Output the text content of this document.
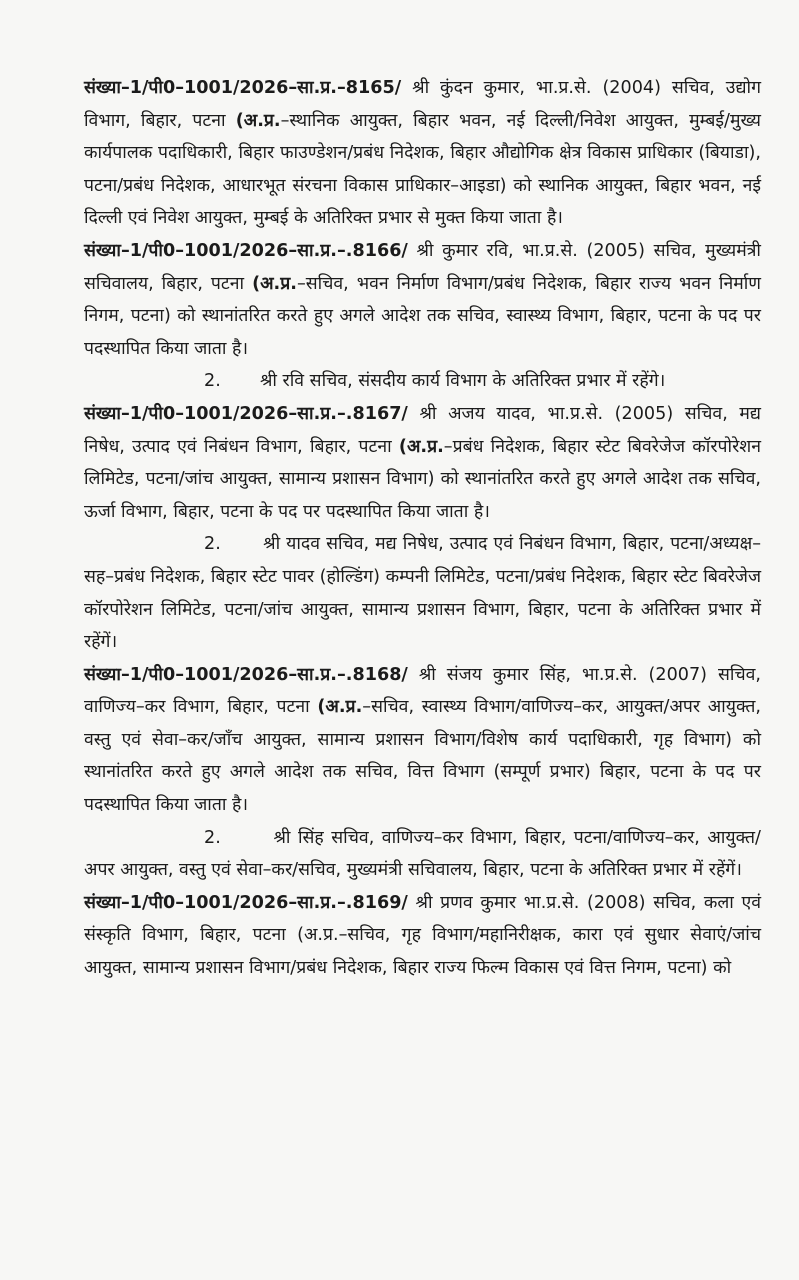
संख्या–1/पी0–1001/2026–सा.प्र.–8165/ श्री कुंदन कुमार, भा.प्र.से. (2004) सचिव, उद्योग विभाग, बिहार, पटना (अ.प्र.–स्थानिक आयुक्त, बिहार भवन, नई दिल्ली/निवेश आयुक्त, मुम्बई/मुख्य कार्यपालक पदाधिकारी, बिहार फाउण्डेशन/प्रबंध निदेशक, बिहार औद्योगिक क्षेत्र विकास प्राधिकार (बियाडा), पटना/प्रबंध निदेशक, आधारभूत संरचना विकास प्राधिकार–आइडा) को स्थानिक आयुक्त, बिहार भवन, नई दिल्ली एवं निवेश आयुक्त, मुम्बई के अतिरिक्त प्रभार से मुक्त किया जाता है।

संख्या–1/पी0–1001/2026–सा.प्र.–.8166/ श्री कुमार रवि, भा.प्र.से. (2005) सचिव, मुख्यमंत्री सचिवालय, बिहार, पटना (अ.प्र.–सचिव, भवन निर्माण विभाग/प्रबंध निदेशक, बिहार राज्य भवन निर्माण निगम, पटना) को स्थानांतरित करते हुए अगले आदेश तक सचिव, स्वास्थ्य विभाग, बिहार, पटना के पद पर पदस्थापित किया जाता है।

2. श्री रवि सचिव, संसदीय कार्य विभाग के अतिरिक्त प्रभार में रहेंगे।

संख्या–1/पी0–1001/2026–सा.प्र.–.8167/ श्री अजय यादव, भा.प्र.से. (2005) सचिव, मद्य निषेध, उत्पाद एवं निबंधन विभाग, बिहार, पटना (अ.प्र.–प्रबंध निदेशक, बिहार स्टेट बिवरेजेज कॉरपोरेशन लिमिटेड, पटना/जांच आयुक्त, सामान्य प्रशासन विभाग) को स्थानांतरित करते हुए अगले आदेश तक सचिव, ऊर्जा विभाग, बिहार, पटना के पद पर पदस्थापित किया जाता है।

2. श्री यादव सचिव, मद्य निषेध, उत्पाद एवं निबंधन विभाग, बिहार, पटना/अध्यक्ष–सह–प्रबंध निदेशक, बिहार स्टेट पावर (होल्डिंग) कम्पनी लिमिटेड, पटना/प्रबंध निदेशक, बिहार स्टेट बिवरेजेज कॉरपोरेशन लिमिटेड, पटना/जांच आयुक्त, सामान्य प्रशासन विभाग, बिहार, पटना के अतिरिक्त प्रभार में रहेंगें।

संख्या–1/पी0–1001/2026–सा.प्र.–.8168/ श्री संजय कुमार सिंह, भा.प्र.से. (2007) सचिव, वाणिज्य–कर विभाग, बिहार, पटना (अ.प्र.–सचिव, स्वास्थ्य विभाग/वाणिज्य–कर, आयुक्त/अपर आयुक्त, वस्तु एवं सेवा–कर/जाँच आयुक्त, सामान्य प्रशासन विभाग/विशेष कार्य पदाधिकारी, गृह विभाग) को स्थानांतरित करते हुए अगले आदेश तक सचिव, वित्त विभाग (सम्पूर्ण प्रभार) बिहार, पटना के पद पर पदस्थापित किया जाता है।

2.	श्री सिंह सचिव, वाणिज्य–कर विभाग, बिहार, पटना/वाणिज्य–कर, आयुक्त/अपर आयुक्त, वस्तु एवं सेवा–कर/सचिव, मुख्यमंत्री सचिवालय, बिहार, पटना के अतिरिक्त प्रभार में रहेंगें।

संख्या–1/पी0–1001/2026–सा.प्र.–.8169/ श्री प्रणव कुमार भा.प्र.से. (2008) सचिव, कला एवं संस्कृति विभाग, बिहार, पटना (अ.प्र.–सचिव, गृह विभाग/महानिरीक्षक, कारा एवं सुधार सेवाएं/जांच आयुक्त, सामान्य प्रशासन विभाग/प्रबंध निदेशक, बिहार राज्य फिल्म विकास एवं वित्त निगम, पटना) को
